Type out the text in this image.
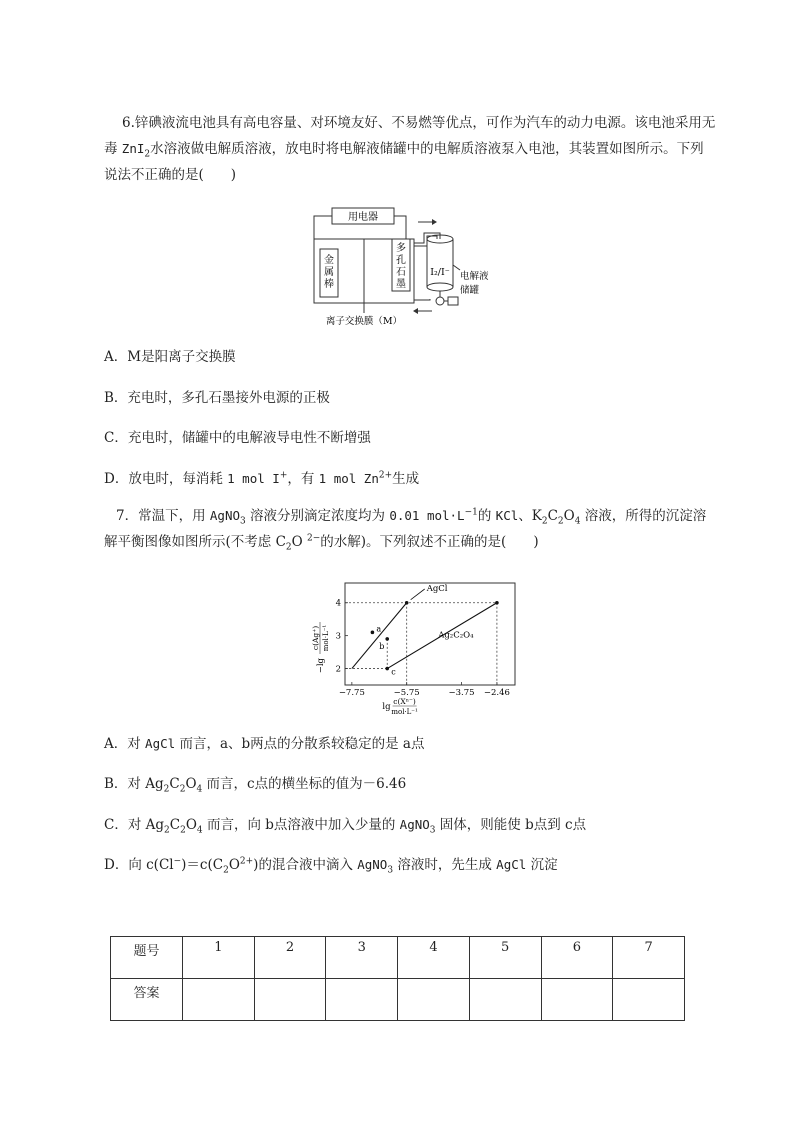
6.锌碘液流电池具有高电容量、对环境友好、不易燃等优点，可作为汽车的动力电源。该电池采用无毒 ZnI$_2$水溶液做电解质溶液，放电时将电解液储罐中的电解质溶液泵入电池，其装置如图所示。下列说法不正确的是(　　)
用电器
金
属
棒
多
孔
石
墨
I₂/I⁻ 电解液
储罐
离子交换膜（M）
A．M是阳离子交换膜
B．充电时，多孔石墨接外电源的正极
C．充电时，储罐中的电解液导电性不断增强
D．放电时，每消耗 1 mol I+，有 1 mol $Zn^{2+}$生成
7．常温下，用 AgNO$_3$ 溶液分别滴定浓度均为 0.01 $mol\cdot L^{-1}$的 KCl、$K_2C_2O_4$ 溶液，所得的沉淀溶解平衡图像如图所示(不考虑 $C_2O$ $^{2-}$的水解)。下列叙述不正确的是(　　)
AgCl
Ag₂C₂O₄
a
b
c
−7.75	−5.75	−3.75 −2.46
2
3
4
lg
c(Xⁿ⁻)
mol·L⁻¹
−lg
c(Ag⁺) mol·L⁻¹
A．对 AgCl 而言，a、b两点的分散系较稳定的是 a点
B．对 $Ag_2C_2O_4$ 而言，c点的横坐标的值为－6.46
C．对 $Ag_2C_2O_4$ 而言，向 b点溶液中加入少量的 AgNO$_3$ 固体，则能使 b点到 c点
D．向 $c(Cl^-)=c(C_2O^{2+})$的混合液中滴入 AgNO$_3$ 溶液时，先生成 AgCl 沉淀
题号	1	2	3	4	5	6	7
答案							
